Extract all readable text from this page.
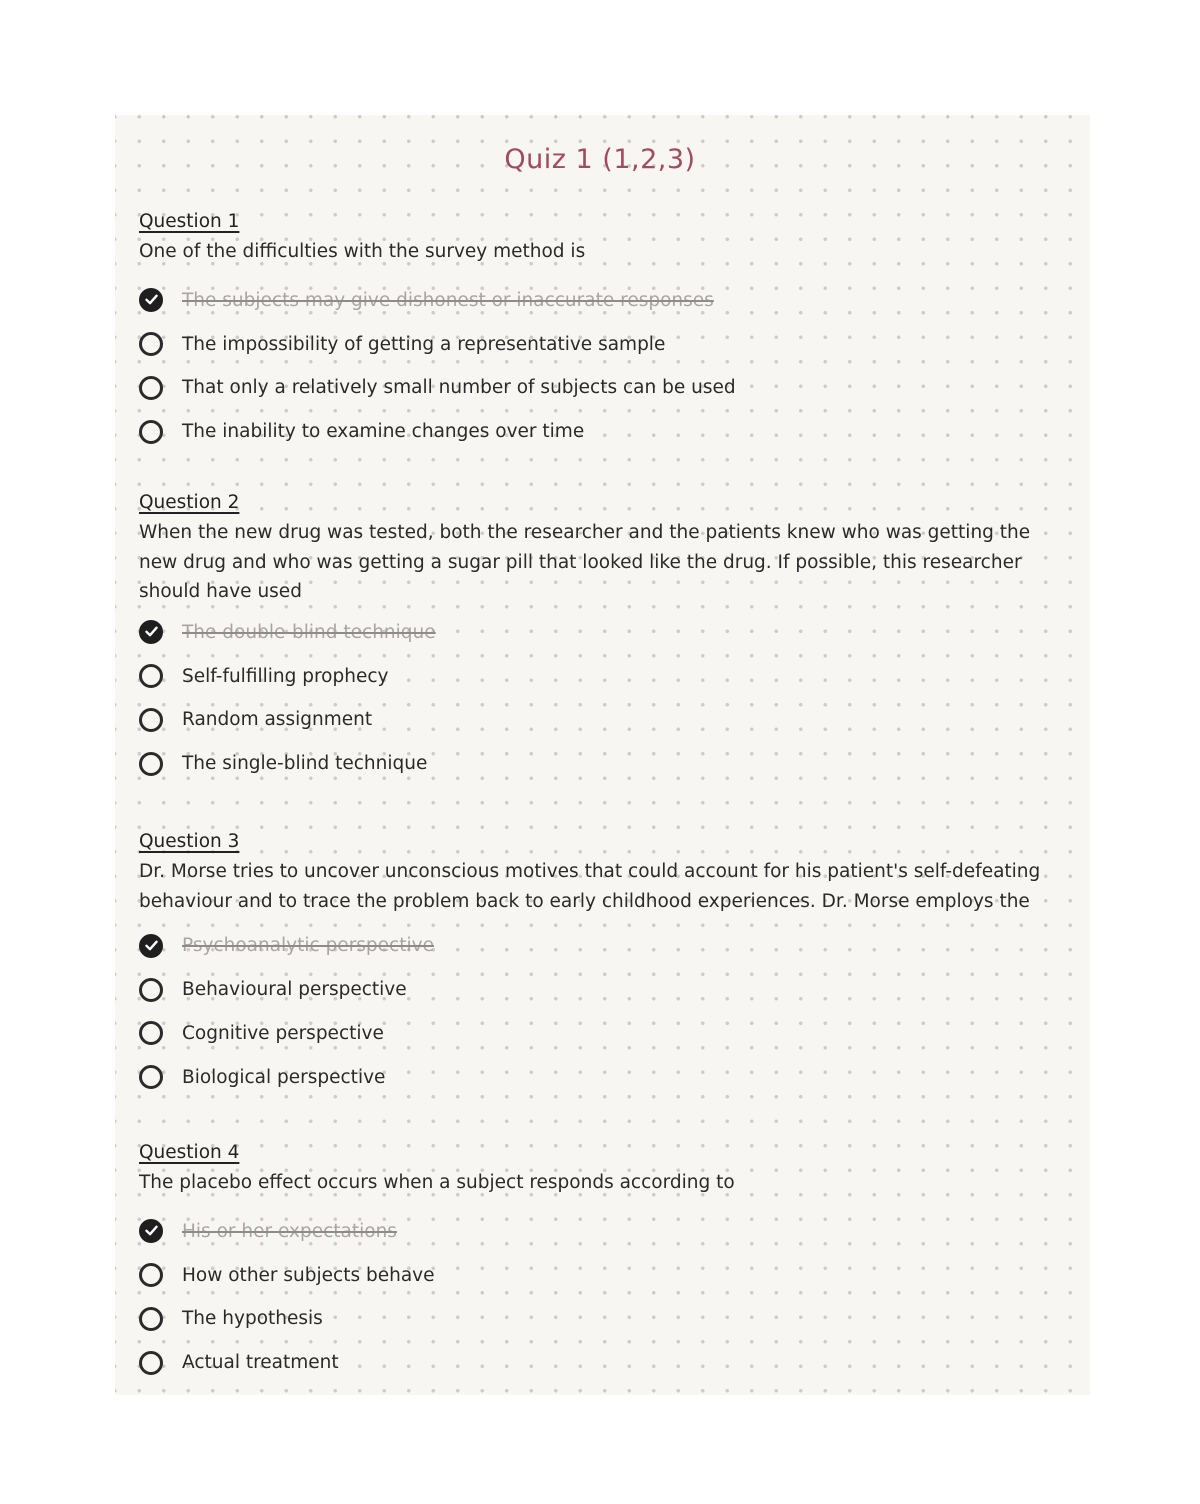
Quiz 1 (1,2,3)
Question 1
One of the difficulties with the survey method is
The subjects may give dishonest or inaccurate responses
The impossibility of getting a representative sample
That only a relatively small number of subjects can be used
The inability to examine changes over time
Question 2
When the new drug was tested, both the researcher and the patients knew who was getting the new drug and who was getting a sugar pill that looked like the drug. If possible, this researcher should have used
The double-blind technique
Self-fulfilling prophecy
Random assignment
The single-blind technique
Question 3
Dr. Morse tries to uncover unconscious motives that could account for his patient's self-defeating behaviour and to trace the problem back to early childhood experiences. Dr. Morse employs the
Psychoanalytic perspective
Behavioural perspective
Cognitive perspective
Biological perspective
Question 4
The placebo effect occurs when a subject responds according to
His or her expectations
How other subjects behave
The hypothesis
Actual treatment
